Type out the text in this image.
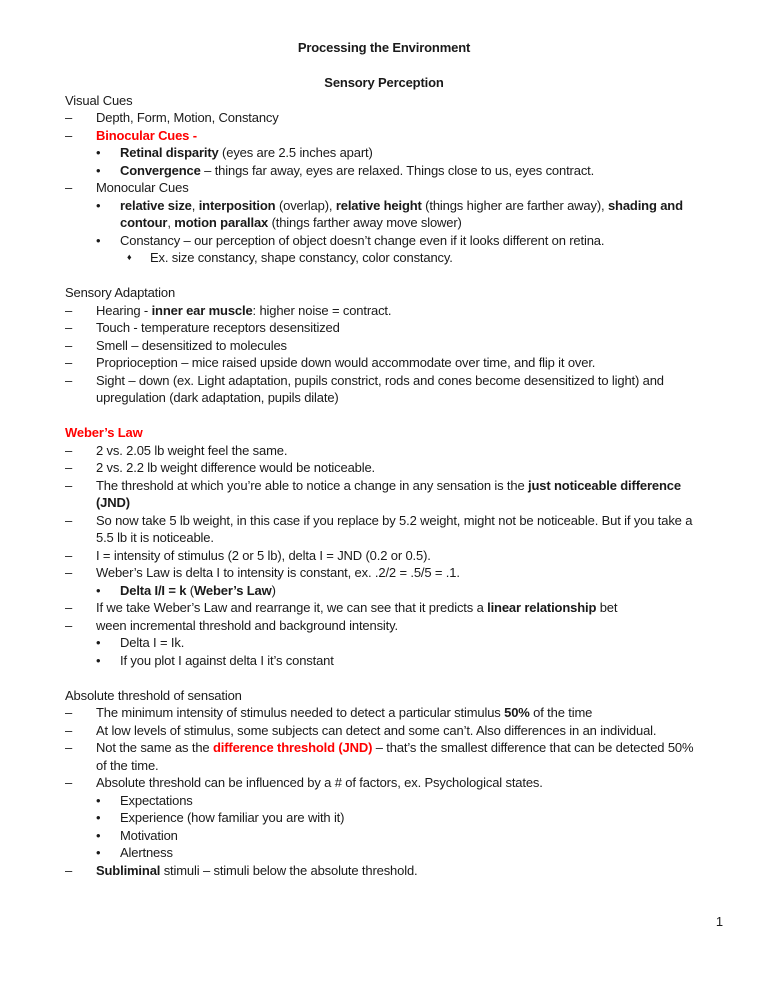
Processing the Environment
Sensory Perception
Visual Cues
–	Depth, Form, Motion, Constancy
–	Binocular Cues -
•	Retinal disparity (eyes are 2.5 inches apart)
•	Convergence – things far away, eyes are relaxed. Things close to us, eyes contract.
–	Monocular Cues
•	relative size, interposition (overlap), relative height (things higher are farther away), shading and contour, motion parallax (things farther away move slower)
•	Constancy – our perception of object doesn’t change even if it looks different on retina.
♦	Ex. size constancy, shape constancy, color constancy.
Sensory Adaptation
–	Hearing - inner ear muscle: higher noise = contract.
–	Touch - temperature receptors desensitized
–	Smell – desensitized to molecules
–	Proprioception – mice raised upside down would accommodate over time, and flip it over.
–	Sight – down (ex. Light adaptation, pupils constrict, rods and cones become desensitized to light) and upregulation (dark adaptation, pupils dilate)
Weber’s Law
–	2 vs. 2.05 lb weight feel the same.
–	2 vs. 2.2 lb weight difference would be noticeable.
–	The threshold at which you’re able to notice a change in any sensation is the just noticeable difference (JND)
–	So now take 5 lb weight, in this case if you replace by 5.2 weight, might not be noticeable. But if you take a 5.5 lb it is noticeable.
–	I = intensity of stimulus (2 or 5 lb), delta I = JND (0.2 or 0.5).
–	Weber’s Law is delta I to intensity is constant, ex. .2/2 = .5/5 = .1.
•	Delta I/I = k (Weber’s Law)
–	If we take Weber’s Law and rearrange it, we can see that it predicts a linear relationship bet
–	ween incremental threshold and background intensity.
•	Delta I = Ik.
•	If you plot I against delta I it’s constant
Absolute threshold of sensation
–	The minimum intensity of stimulus needed to detect a particular stimulus 50% of the time
–	At low levels of stimulus, some subjects can detect and some can’t. Also differences in an individual.
–	Not the same as the difference threshold (JND) – that’s the smallest difference that can be detected 50% of the time.
–	Absolute threshold can be influenced by a # of factors, ex. Psychological states.
•	Expectations
•	Experience (how familiar you are with it)
•	Motivation
•	Alertness
–	Subliminal stimuli – stimuli below the absolute threshold.
1
